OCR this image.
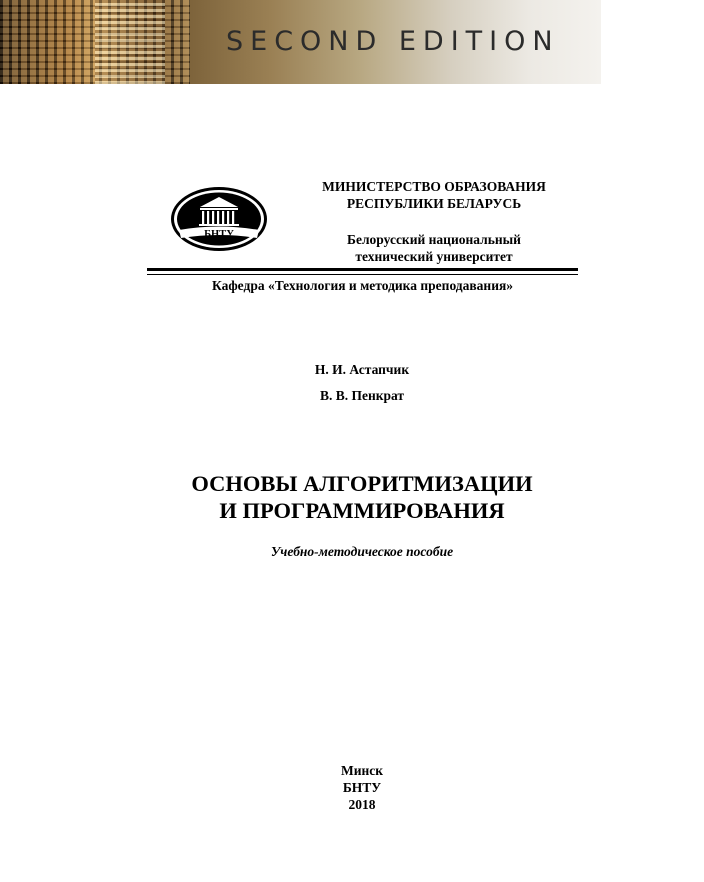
SECOND EDITION
БНТУ
МИНИСТЕРСТВО ОБРАЗОВАНИЯ
РЕСПУБЛИКИ БЕЛАРУСЬ
Белорусский национальный
технический университет
Кафедра «Технология и методика преподавания»
Н. И. Астапчик
В. В. Пенкрат
ОСНОВЫ АЛГОРИТМИЗАЦИИ
И ПРОГРАММИРОВАНИЯ
Учебно-методическое пособие
Минск
БНТУ
2018
